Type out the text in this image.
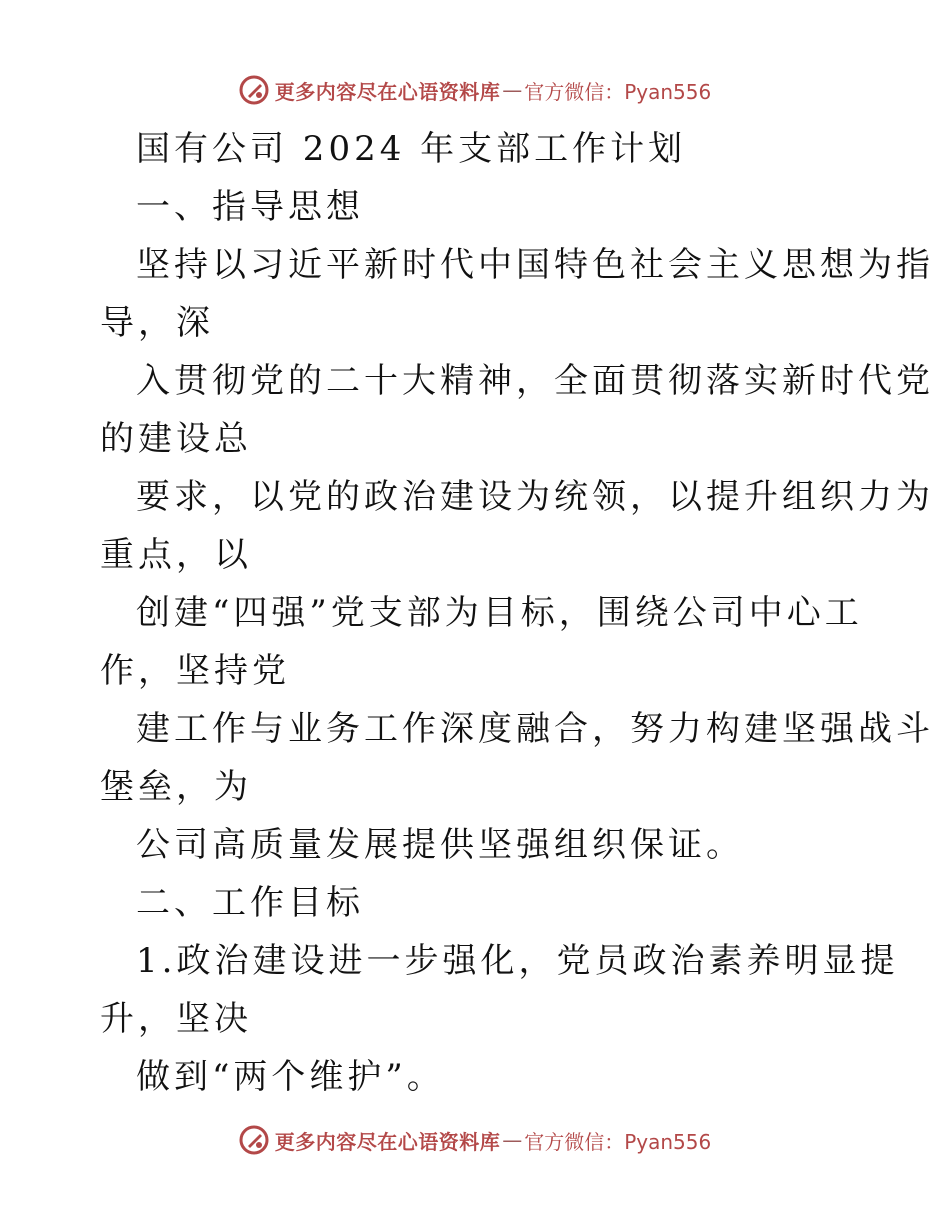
更多内容尽在心语资料库 — 官方微信：Pyan556
国有公司 2024 年支部工作计划
一、指导思想
坚持以习近平新时代中国特色社会主义思想为指
导，深
入贯彻党的二十大精神，全面贯彻落实新时代党
的建设总
要求，以党的政治建设为统领，以提升组织力为
重点，以
创建“四强”党支部为目标，围绕公司中心工
作，坚持党
建工作与业务工作深度融合，努力构建坚强战斗
堡垒，为
公司高质量发展提供坚强组织保证。
二、工作目标
1.政治建设进一步强化，党员政治素养明显提
升，坚决
做到“两个维护”。
更多内容尽在心语资料库 — 官方微信：Pyan556
